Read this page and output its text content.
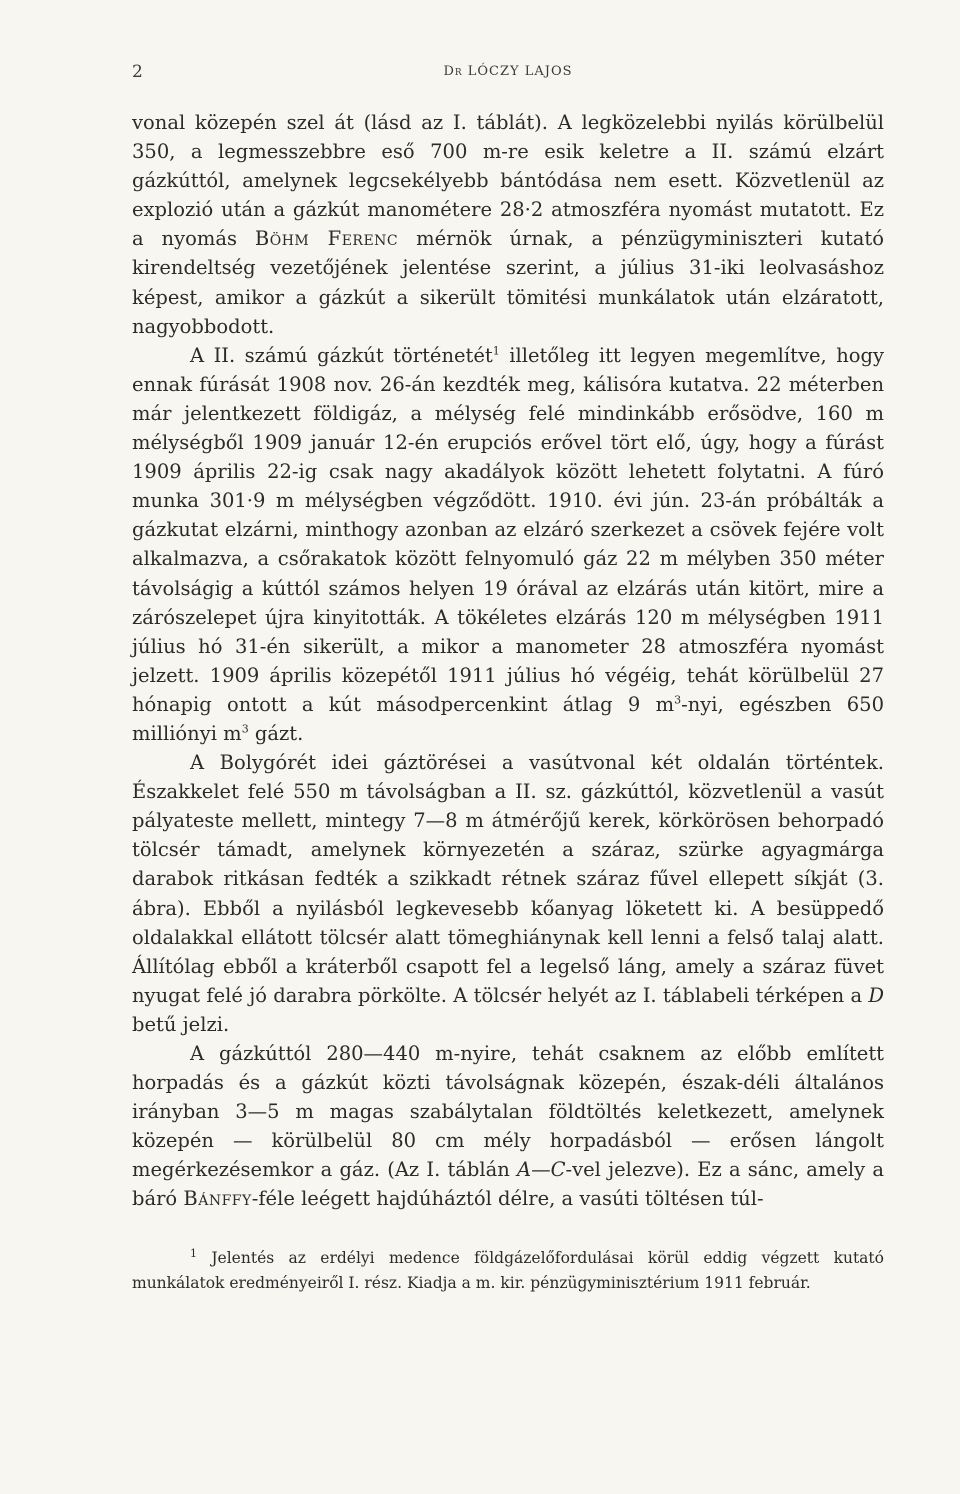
2	Dr LÓCZY LAJOS

vonal közepén szel át (lásd az I. táblát). A legközelebbi nyilás körülbelül 350, a legmesszebbre eső 700 m-re esik keletre a II. számú elzárt gázkúttól, amelynek legcsekélyebb bántódása nem esett. Közvetlenül az explozió után a gázkút manométere 28·2 atmoszféra nyomást mutatott. Ez a nyomás Böhm Ferenc mérnök úrnak, a pénzügyminiszteri kutató kirendeltség vezetőjének jelentése szerint, a július 31-iki leolvasáshoz képest, amikor a gázkút a sikerült tömitési munkálatok után elzáratott, nagyobbodott.

A II. számú gázkút történetét$^1$ illetőleg itt legyen megemlítve, hogy ennak fúrását 1908 nov. 26-án kezdték meg, kálisóra kutatva. 22 méterben már jelentkezett földigáz, a mélység felé mindinkább erősödve, 160 m mélységből 1909 január 12-én erupciós erővel tört elő, úgy, hogy a fúrást 1909 április 22-ig csak nagy akadályok között lehetett folytatni. A fúró munka 301·9 m mélységben végződött. 1910. évi jún. 23-án próbálták a gázkutat elzárni, minthogy azonban az elzáró szerkezet a csövek fejére volt alkalmazva, a csőrakatok között felnyomuló gáz 22 m mélyben 350 méter távolságig a kúttól számos helyen 19 órával az elzárás után kitört, mire a zárószelepet újra kinyitották. A tökéletes elzárás 120 m mélységben 1911 július hó 31-én sikerült, a mikor a manometer 28 atmoszféra nyomást jelzett. 1909 április közepétől 1911 július hó végéig, tehát körülbelül 27 hónapig ontott a kút másodpercenkint átlag 9 $m^3$-nyi, egészben 650 milliónyi $m^3$ gázt.

A Bolygórét idei gáztörései a vasútvonal két oldalán történtek. Északkelet felé 550 m távolságban a II. sz. gázkúttól, közvetlenül a vasút pályateste mellett, mintegy 7—8 m átmérőjű kerek, körkörösen behorpadó tölcsér támadt, amelynek környezetén a száraz, szürke agyagmárga darabok ritkásan fedték a szikkadt rétnek száraz fűvel ellepett síkját (3. ábra). Ebből a nyilásból legkevesebb kőanyag löketett ki. A besüppedő oldalakkal ellátott tölcsér alatt tömeghiánynak kell lenni a felső talaj alatt. Állítólag ebből a kráterből csapott fel a legelső láng, amely a száraz füvet nyugat felé jó darabra pörkölte. A tölcsér helyét az I. táblabeli térképen a D betű jelzi.

A gázkúttól 280—440 m-nyire, tehát csaknem az előbb említett horpadás és a gázkút közti távolságnak közepén, észak-déli általános irányban 3—5 m magas szabálytalan földtöltés keletkezett, amelynek közepén — körülbelül 80 cm mély horpadásból — erősen lángolt megérkezésemkor a gáz. (Az I. táblán A—C-vel jelezve). Ez a sánc, amely a báró Bánffy-féle leégett hajdúháztól délre, a vasúti töltésen túl-

$^1$ Jelentés az erdélyi medence földgázelőfordulásai körül eddig végzett kutató munkálatok eredményeiről I. rész. Kiadja a m. kir. pénzügyminisztérium 1911 február.
